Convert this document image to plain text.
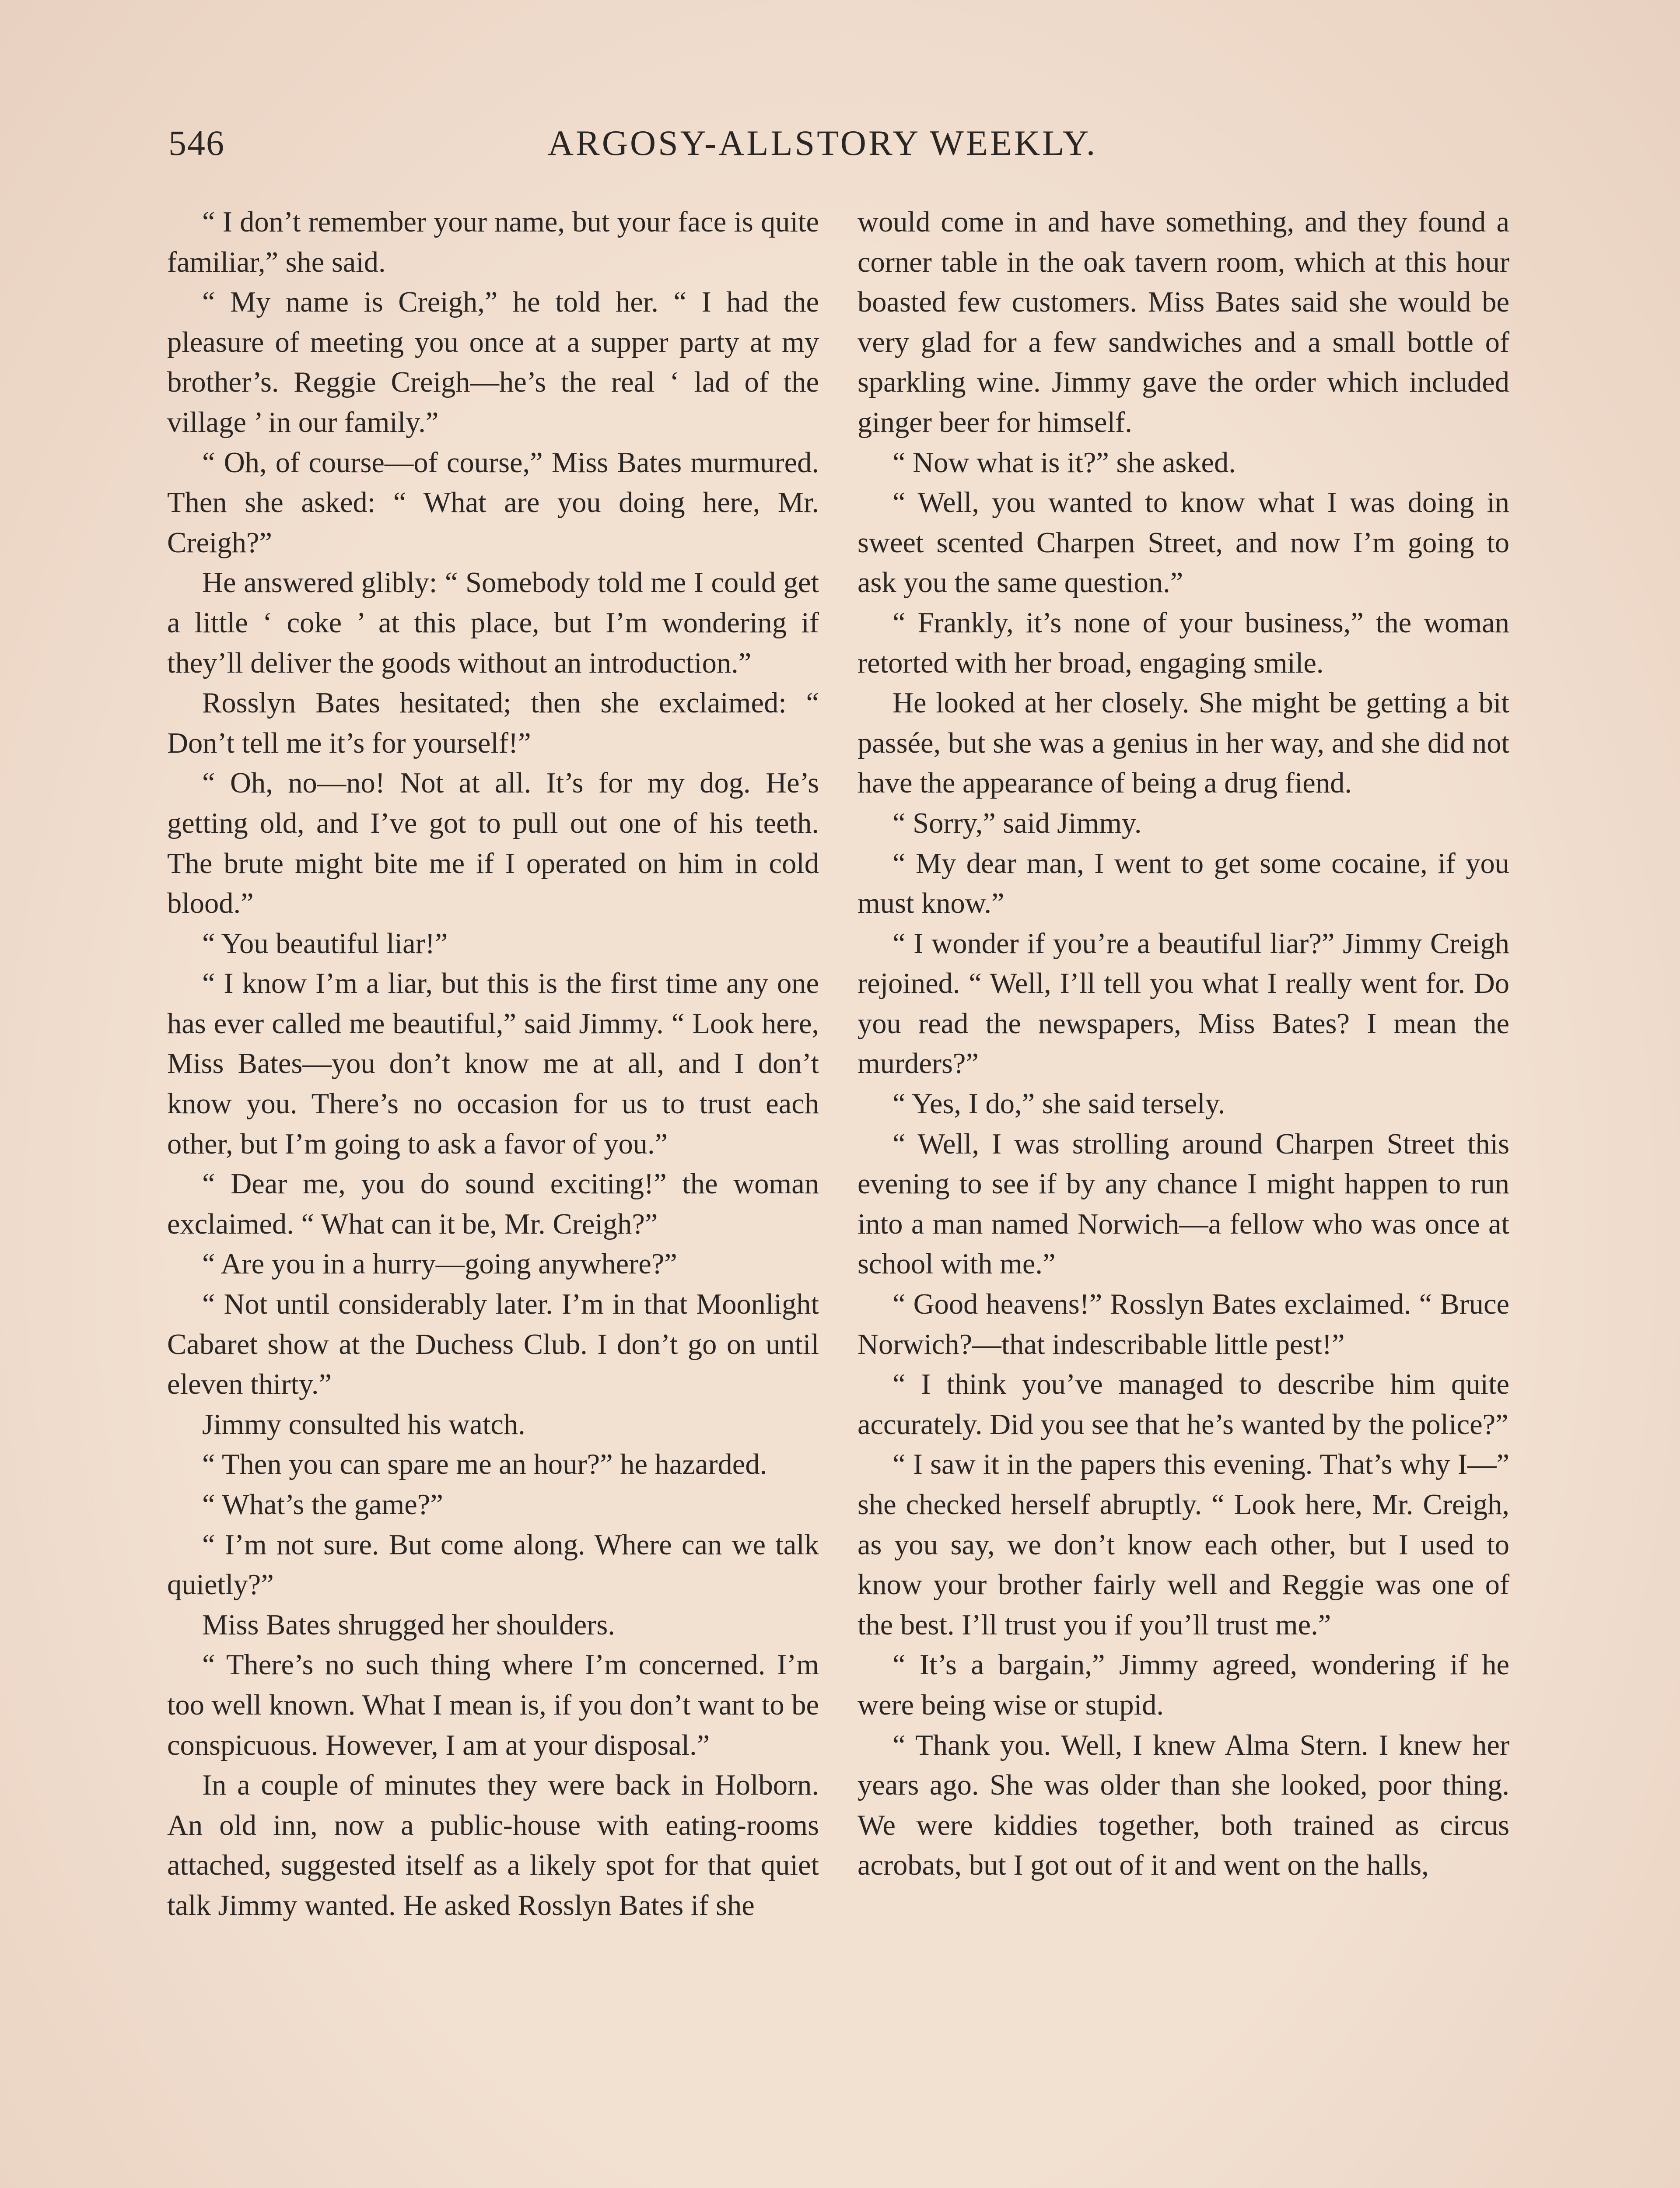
546	ARGOSY-ALLSTORY WEEKLY.

“ I don’t remember your name, but your face is quite familiar,” she said.

“ My name is Creigh,” he told her. “ I had the pleasure of meeting you once at a supper party at my brother’s. Reggie Creigh—he’s the real ‘ lad of the village ’ in our family.”

“ Oh, of course—of course,” Miss Bates murmured. Then she asked: “ What are you doing here, Mr. Creigh?”

He answered glibly: “ Somebody told me I could get a little ‘ coke ’ at this place, but I’m wondering if they’ll deliver the goods without an introduction.”

Rosslyn Bates hesitated; then she exclaimed: “ Don’t tell me it’s for yourself!”

“ Oh, no—no! Not at all. It’s for my dog. He’s getting old, and I’ve got to pull out one of his teeth. The brute might bite me if I operated on him in cold blood.”

“ You beautiful liar!”

“ I know I’m a liar, but this is the first time any one has ever called me beautiful,” said Jimmy. “ Look here, Miss Bates—you don’t know me at all, and I don’t know you. There’s no occasion for us to trust each other, but I’m going to ask a favor of you.”

“ Dear me, you do sound exciting!” the woman exclaimed. “ What can it be, Mr. Creigh?”

“ Are you in a hurry—going anywhere?”

“ Not until considerably later. I’m in that Moonlight Cabaret show at the Duchess Club. I don’t go on until eleven thirty.”

Jimmy consulted his watch.

“ Then you can spare me an hour?” he hazarded.

“ What’s the game?”

“ I’m not sure. But come along. Where can we talk quietly?”

Miss Bates shrugged her shoulders.

“ There’s no such thing where I’m concerned. I’m too well known. What I mean is, if you don’t want to be conspicuous. However, I am at your disposal.”

In a couple of minutes they were back in Holborn. An old inn, now a public-house with eating-rooms attached, suggested itself as a likely spot for that quiet talk Jimmy wanted. He asked Rosslyn Bates if she

would come in and have something, and they found a corner table in the oak tavern room, which at this hour boasted few customers. Miss Bates said she would be very glad for a few sandwiches and a small bottle of sparkling wine. Jimmy gave the order which included ginger beer for himself.

“ Now what is it?” she asked.

“ Well, you wanted to know what I was doing in sweet scented Charpen Street, and now I’m going to ask you the same question.”

“ Frankly, it’s none of your business,” the woman retorted with her broad, engaging smile.

He looked at her closely. She might be getting a bit passée, but she was a genius in her way, and she did not have the appearance of being a drug fiend.

“ Sorry,” said Jimmy.

“ My dear man, I went to get some cocaine, if you must know.”

“ I wonder if you’re a beautiful liar?” Jimmy Creigh rejoined. “ Well, I’ll tell you what I really went for. Do you read the newspapers, Miss Bates? I mean the murders?”

“ Yes, I do,” she said tersely.

“ Well, I was strolling around Charpen Street this evening to see if by any chance I might happen to run into a man named Norwich—a fellow who was once at school with me.”

“ Good heavens!” Rosslyn Bates exclaimed. “ Bruce Norwich?—that indescribable little pest!”

“ I think you’ve managed to describe him quite accurately. Did you see that he’s wanted by the police?”

“ I saw it in the papers this evening. That’s why I—” she checked herself abruptly. “ Look here, Mr. Creigh, as you say, we don’t know each other, but I used to know your brother fairly well and Reggie was one of the best. I’ll trust you if you’ll trust me.”

“ It’s a bargain,” Jimmy agreed, wondering if he were being wise or stupid.

“ Thank you. Well, I knew Alma Stern. I knew her years ago. She was older than she looked, poor thing. We were kiddies together, both trained as circus acrobats, but I got out of it and went on the halls,
